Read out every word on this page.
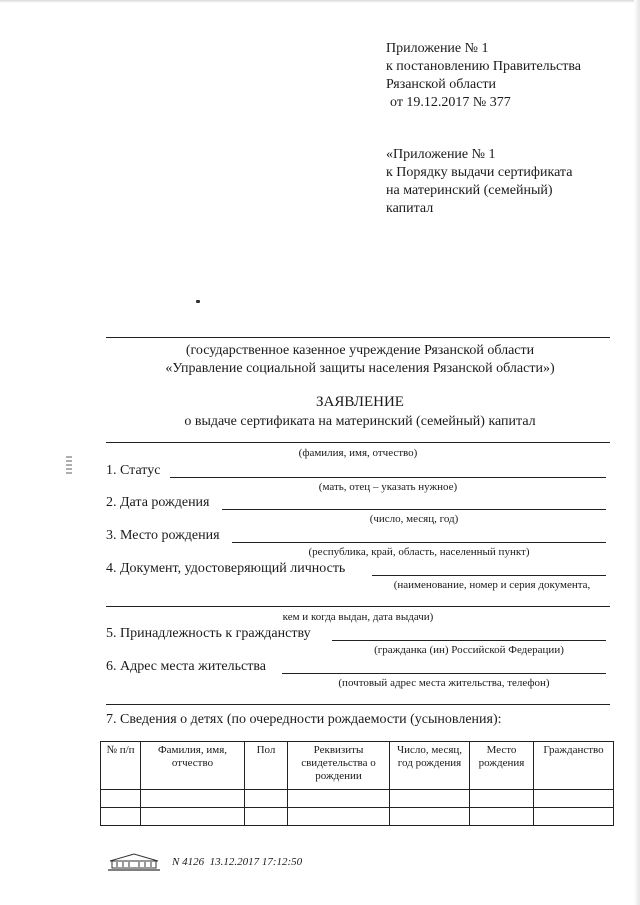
Приложение № 1
к постановлению Правительства
Рязанской области
от 19.12.2017 № 377
«Приложение № 1
к Порядку выдачи сертификата
на материнский (семейный)
капитал
(государственное казенное учреждение Рязанской области
«Управление социальной защиты населения Рязанской области»)
ЗАЯВЛЕНИЕ
о выдаче сертификата на материнский (семейный) капитал
(фамилия, имя, отчество)
1. Статус
(мать, отец – указать нужное)
2. Дата рождения
(число, месяц, год)
3. Место рождения
(республика, край, область, населенный пункт)
4. Документ, удостоверяющий личность
(наименование, номер и серия документа,
кем и когда выдан, дата выдачи)
5. Принадлежность к гражданству
(гражданка (ин) Российской Федерации)
6. Адрес места жительства
(почтовый адрес места жительства, телефон)
7. Сведения о детях (по очередности рождаемости (усыновления):
№ п/п	Фамилия, имя, отчество	Пол	Реквизиты свидетельства о рождении	Число, месяц, год рождения	Место рождения	Гражданство

N 4126  13.12.2017 17:12:50
